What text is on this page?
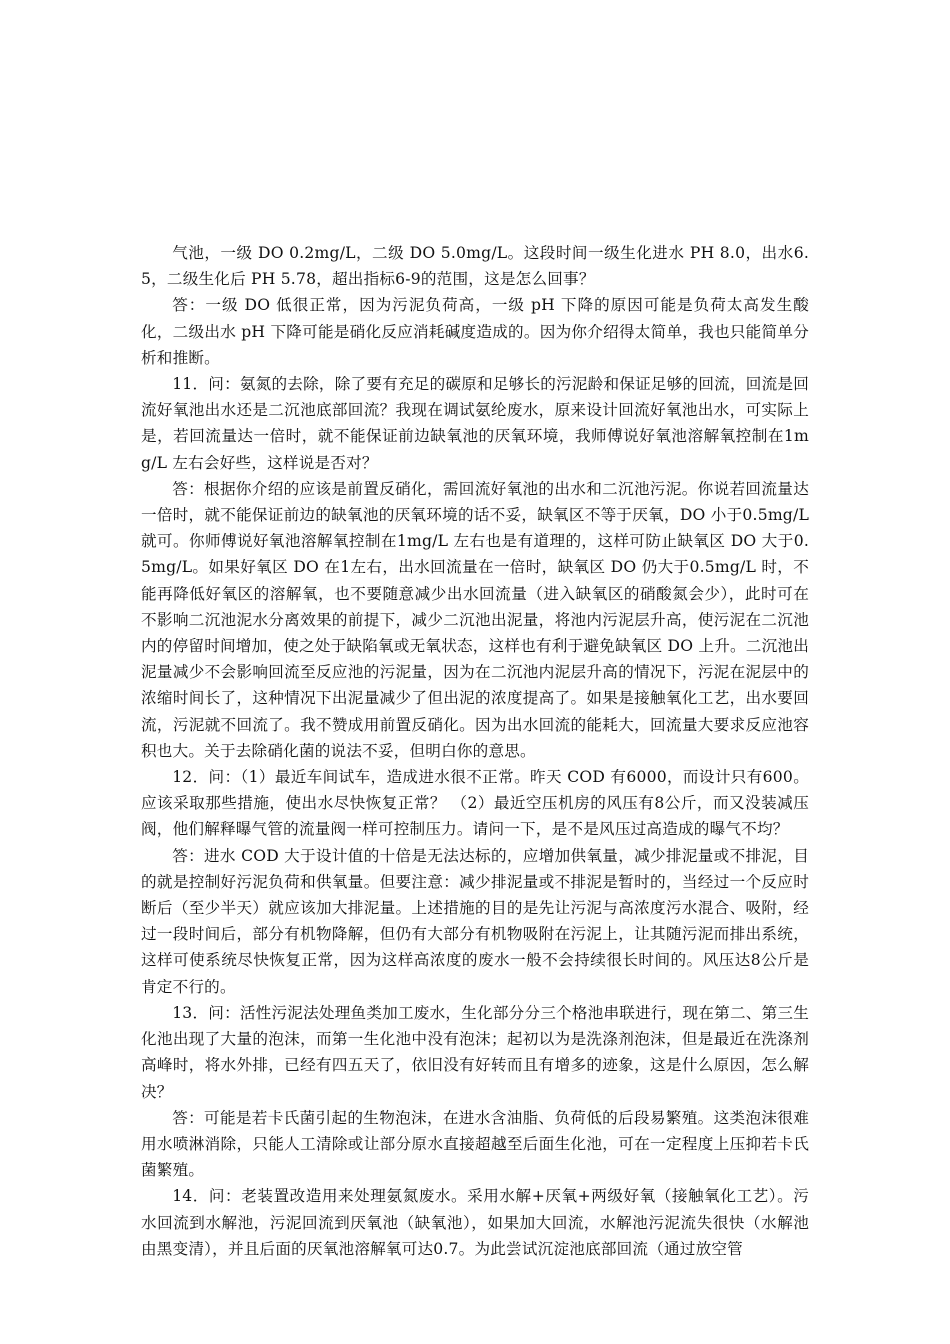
气池，一级 DO 0.2mg/L，二级 DO 5.0mg/L。这段时间一级生化进水 PH 8.0，出水6.5，二级生化后 PH 5.78，超出指标6-9的范围，这是怎么回事？

答：一级 DO 低很正常，因为污泥负荷高，一级 pH 下降的原因可能是负荷太高发生酸化，二级出水 pH 下降可能是硝化反应消耗碱度造成的。因为你介绍得太简单，我也只能简单分析和推断。

11．问：氨氮的去除，除了要有充足的碳原和足够长的污泥龄和保证足够的回流，回流是回流好氧池出水还是二沉池底部回流？我现在调试氨纶废水，原来设计回流好氧池出水，可实际上是，若回流量达一倍时，就不能保证前边缺氧池的厌氧环境，我师傅说好氧池溶解氧控制在1mg/L 左右会好些，这样说是否对？

答：根据你介绍的应该是前置反硝化，需回流好氧池的出水和二沉池污泥。你说若回流量达一倍时，就不能保证前边的缺氧池的厌氧环境的话不妥，缺氧区不等于厌氧，DO 小于0.5mg/L 就可。你师傅说好氧池溶解氧控制在1mg/L 左右也是有道理的，这样可防止缺氧区 DO 大于0.5mg/L。如果好氧区 DO 在1左右，出水回流量在一倍时，缺氧区 DO 仍大于0.5mg/L 时，不能再降低好氧区的溶解氧，也不要随意减少出水回流量（进入缺氧区的硝酸氮会少），此时可在不影响二沉池泥水分离效果的前提下，减少二沉池出泥量，将池内污泥层升高，使污泥在二沉池内的停留时间增加，使之处于缺陷氧或无氧状态，这样也有利于避免缺氧区 DO 上升。二沉池出泥量减少不会影响回流至反应池的污泥量，因为在二沉池内泥层升高的情况下，污泥在泥层中的浓缩时间长了，这种情况下出泥量减少了但出泥的浓度提高了。如果是接触氧化工艺，出水要回流，污泥就不回流了。我不赞成用前置反硝化。因为出水回流的能耗大，回流量大要求反应池容积也大。关于去除硝化菌的说法不妥，但明白你的意思。

12．问：（1）最近车间试车，造成进水很不正常。昨天 COD 有6000，而设计只有600。应该采取那些措施，使出水尽快恢复正常？ （2）最近空压机房的风压有8公斤，而又没装减压阀，他们解释曝气管的流量阀一样可控制压力。请问一下，是不是风压过高造成的曝气不均？

答：进水 COD 大于设计值的十倍是无法达标的，应增加供氧量，减少排泥量或不排泥，目的就是控制好污泥负荷和供氧量。但要注意：减少排泥量或不排泥是暂时的，当经过一个反应时断后（至少半天）就应该加大排泥量。上述措施的目的是先让污泥与高浓度污水混合、吸附，经过一段时间后，部分有机物降解，但仍有大部分有机物吸附在污泥上，让其随污泥而排出系统，这样可使系统尽快恢复正常，因为这样高浓度的废水一般不会持续很长时间的。风压达8公斤是肯定不行的。

13．问：活性污泥法处理鱼类加工废水，生化部分分三个格池串联进行，现在第二、第三生化池出现了大量的泡沫，而第一生化池中没有泡沫；起初以为是洗涤剂泡沫，但是最近在洗涤剂高峰时，将水外排，已经有四五天了，依旧没有好转而且有增多的迹象，这是什么原因，怎么解决？

答：可能是若卡氏菌引起的生物泡沫，在进水含油脂、负荷低的后段易繁殖。这类泡沫很难用水喷淋消除，只能人工清除或让部分原水直接超越至后面生化池，可在一定程度上压抑若卡氏菌繁殖。

14．问：老装置改造用来处理氨氮废水。采用水解+厌氧+两级好氧（接触氧化工艺）。污水回流到水解池，污泥回流到厌氧池（缺氧池），如果加大回流，水解池污泥流失很快（水解池由黑变清），并且后面的厌氧池溶解氧可达0.7。为此尝试沉淀池底部回流（通过放空管
